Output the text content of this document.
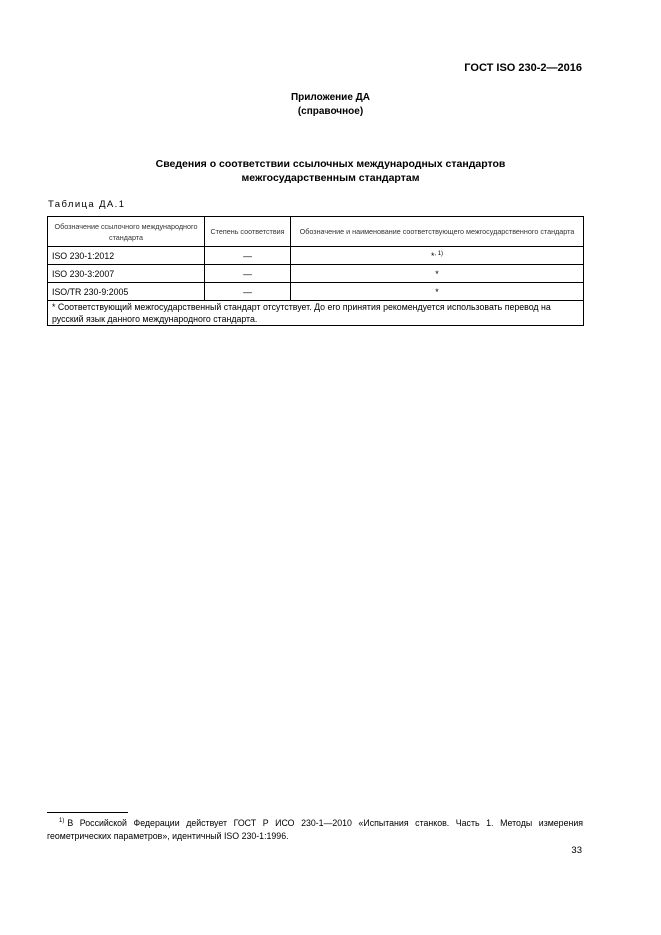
ГОСТ ISO 230-2—2016
Приложение ДА
(справочное)
Сведения о соответствии ссылочных международных стандартов
межгосударственным стандартам
Таблица ДА.1
Обозначение ссылочного международного стандарта	Степень соответствия	Обозначение и наименование соответствующего межгосударственного стандарта
ISO 230-1:2012	—	*$^{, 1)}$
ISO 230-3:2007	—	*
ISO/TR 230-9:2005	—	*
* Соответствующий межгосударственный стандарт отсутствует. До его принятия рекомендуется использовать перевод на русский язык данного международного стандарта.		
$^{1)}$ В Российской Федерации действует ГОСТ Р ИСО 230-1—2010 «Испытания станков. Часть 1. Методы измерения геометрических параметров», идентичный ISO 230-1:1996.
33
